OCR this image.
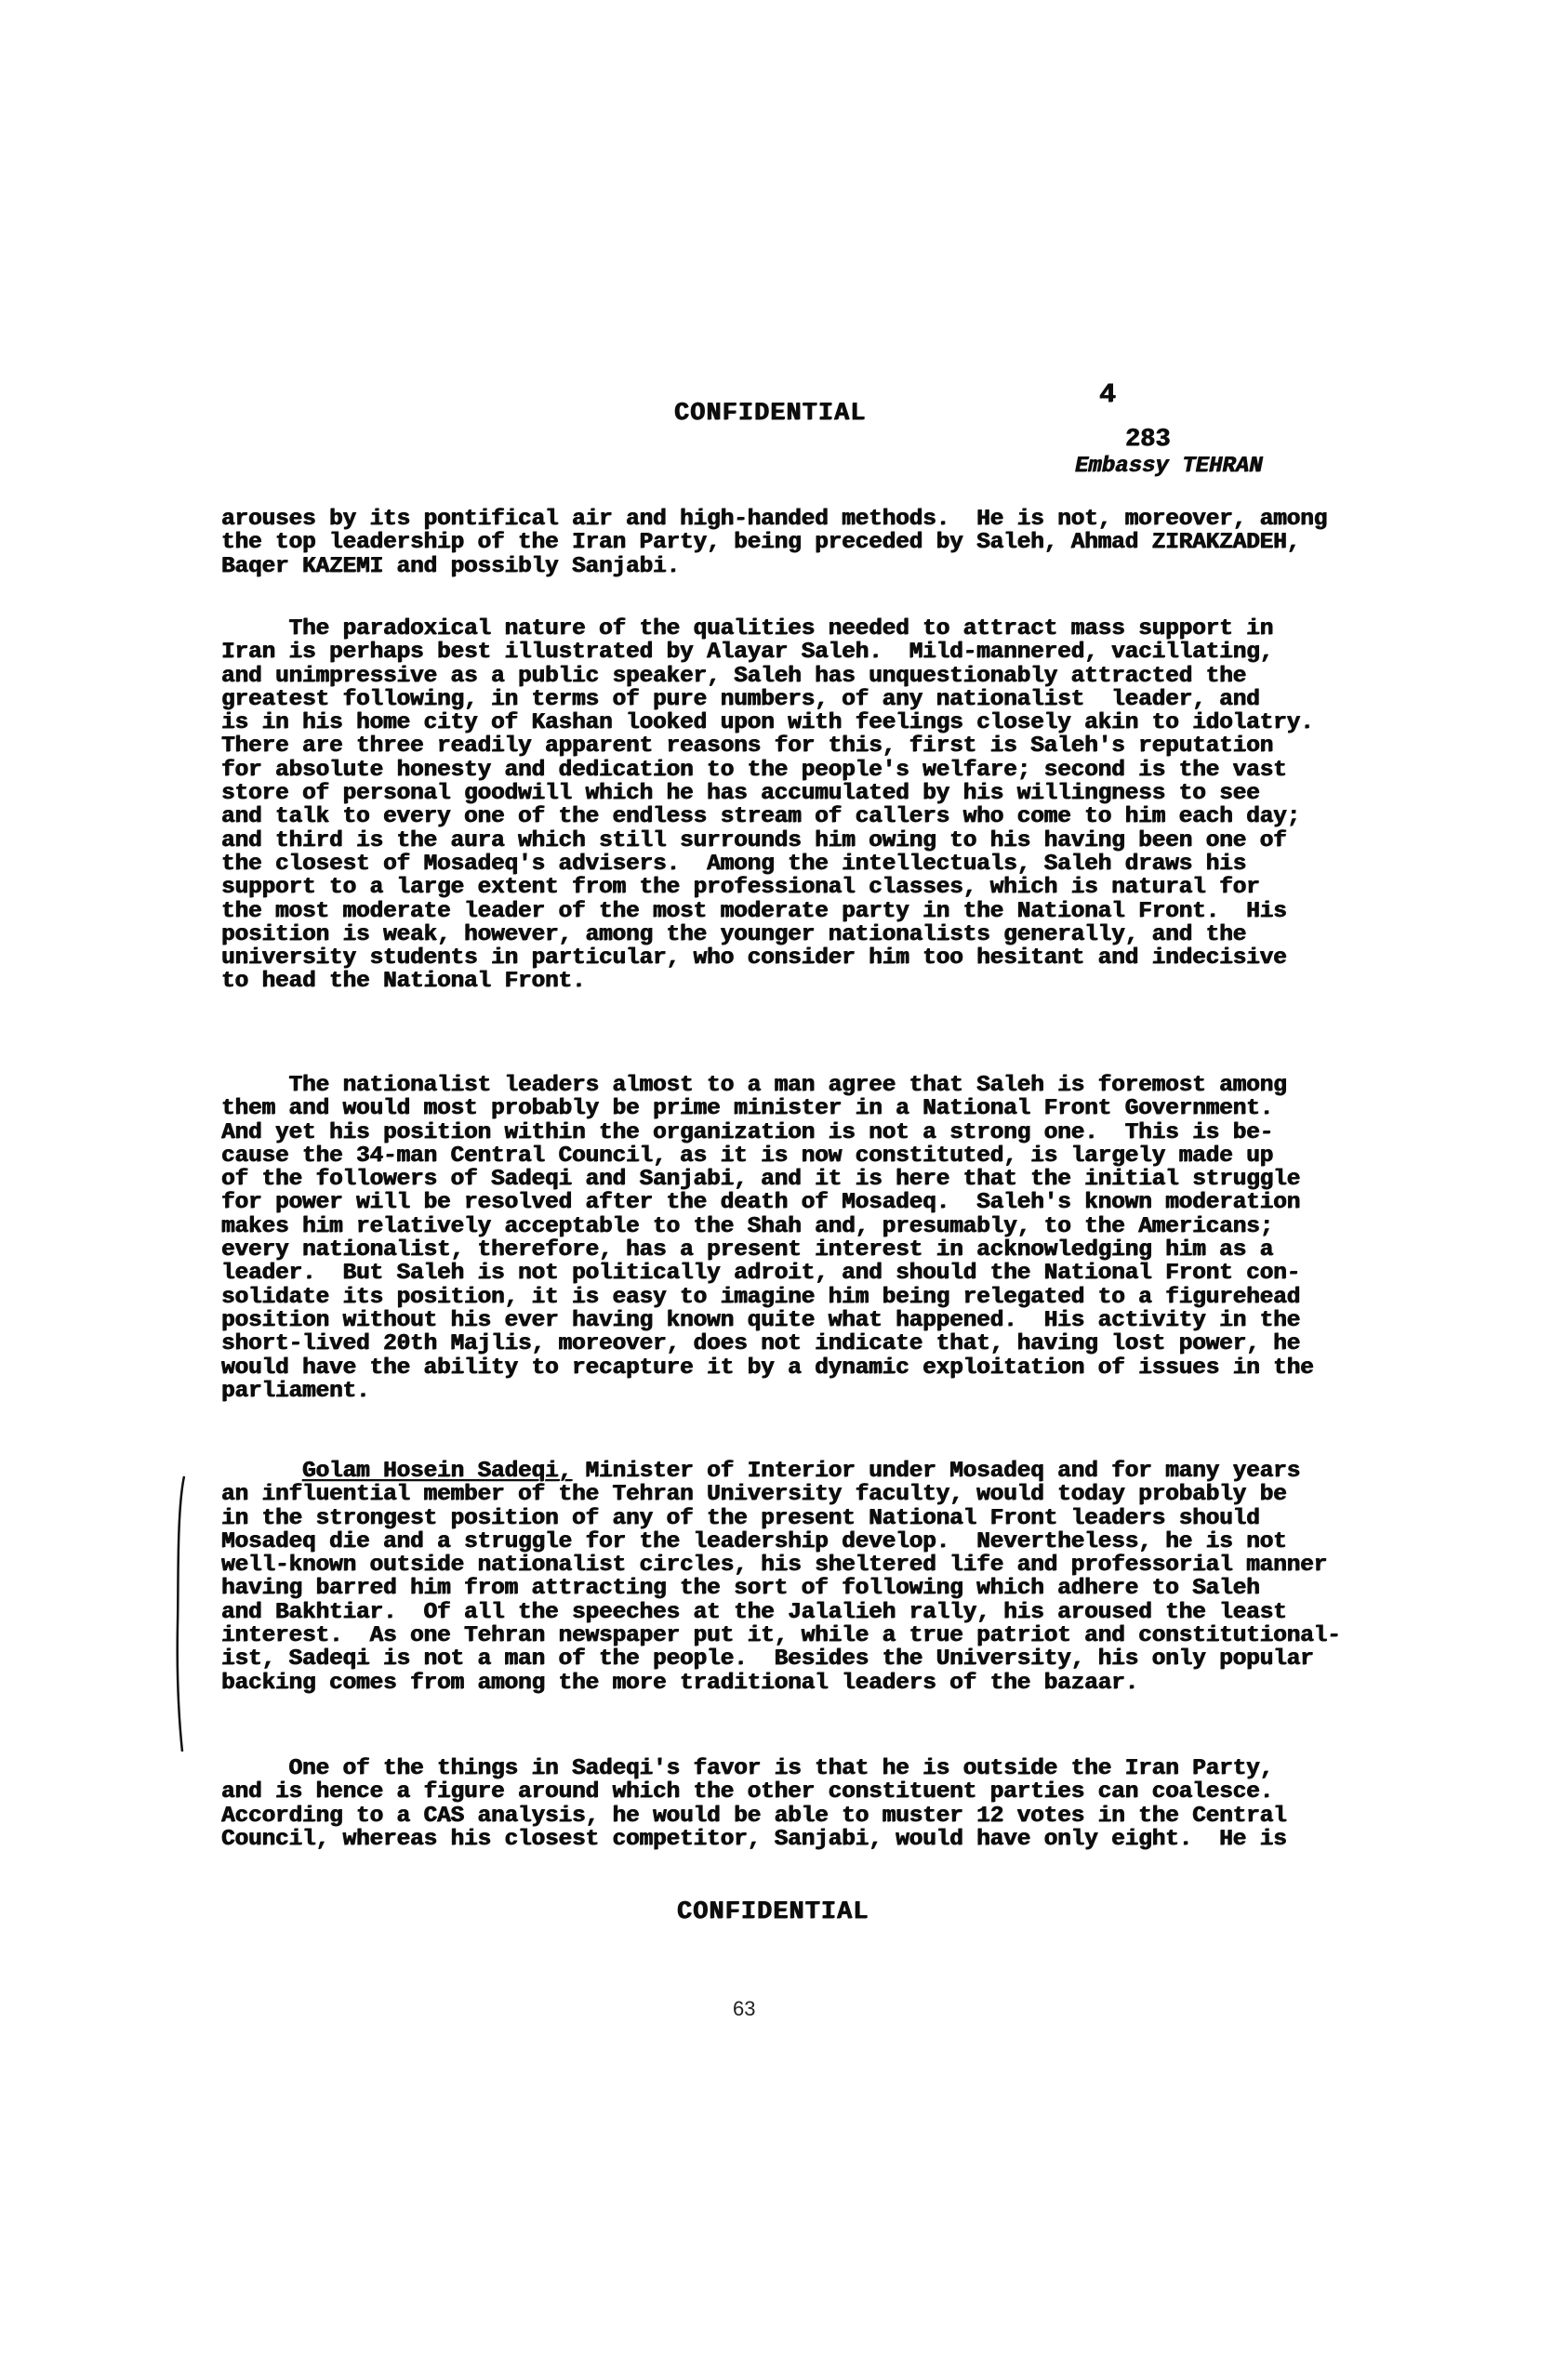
4
CONFIDENTIAL
283
Embassy TEHRAN
arouses by its pontifical air and high-handed methods.  He is not, moreover, among
the top leadership of the Iran Party, being preceded by Saleh, Ahmad ZIRAKZADEH,
Baqer KAZEMI and possibly Sanjabi.
The paradoxical nature of the qualities needed to attract mass support in
Iran is perhaps best illustrated by Alayar Saleh.  Mild-mannered, vacillating,
and unimpressive as a public speaker, Saleh has unquestionably attracted the
greatest following, in terms of pure numbers, of any nationalist  leader, and
is in his home city of Kashan looked upon with feelings closely akin to idolatry.
There are three readily apparent reasons for this, first is Saleh's reputation
for absolute honesty and dedication to the people's welfare; second is the vast
store of personal goodwill which he has accumulated by his willingness to see
and talk to every one of the endless stream of callers who come to him each day;
and third is the aura which still surrounds him owing to his having been one of
the closest of Mosadeq's advisers.  Among the intellectuals, Saleh draws his
support to a large extent from the professional classes, which is natural for
the most moderate leader of the most moderate party in the National Front.  His
position is weak, however, among the younger nationalists generally, and the
university students in particular, who consider him too hesitant and indecisive
to head the National Front.
The nationalist leaders almost to a man agree that Saleh is foremost among
them and would most probably be prime minister in a National Front Government.
And yet his position within the organization is not a strong one.  This is be-
cause the 34-man Central Council, as it is now constituted, is largely made up
of the followers of Sadeqi and Sanjabi, and it is here that the initial struggle
for power will be resolved after the death of Mosadeq.  Saleh's known moderation
makes him relatively acceptable to the Shah and, presumably, to the Americans;
every nationalist, therefore, has a present interest in acknowledging him as a
leader.  But Saleh is not politically adroit, and should the National Front con-
solidate its position, it is easy to imagine him being relegated to a figurehead
position without his ever having known quite what happened.  His activity in the
short-lived 20th Majlis, moreover, does not indicate that, having lost power, he
would have the ability to recapture it by a dynamic exploitation of issues in the
parliament.
Golam Hosein Sadeqi, Minister of Interior under Mosadeq and for many years
an influential member of the Tehran University faculty, would today probably be
in the strongest position of any of the present National Front leaders should
Mosadeq die and a struggle for the leadership develop.  Nevertheless, he is not
well-known outside nationalist circles, his sheltered life and professorial manner
having barred him from attracting the sort of following which adhere to Saleh
and Bakhtiar.  Of all the speeches at the Jalalieh rally, his aroused the least
interest.  As one Tehran newspaper put it, while a true patriot and constitutional-
ist, Sadeqi is not a man of the people.  Besides the University, his only popular
backing comes from among the more traditional leaders of the bazaar.
One of the things in Sadeqi's favor is that he is outside the Iran Party,
and is hence a figure around which the other constituent parties can coalesce.
According to a CAS analysis, he would be able to muster 12 votes in the Central
Council, whereas his closest competitor, Sanjabi, would have only eight.  He is
CONFIDENTIAL
63
